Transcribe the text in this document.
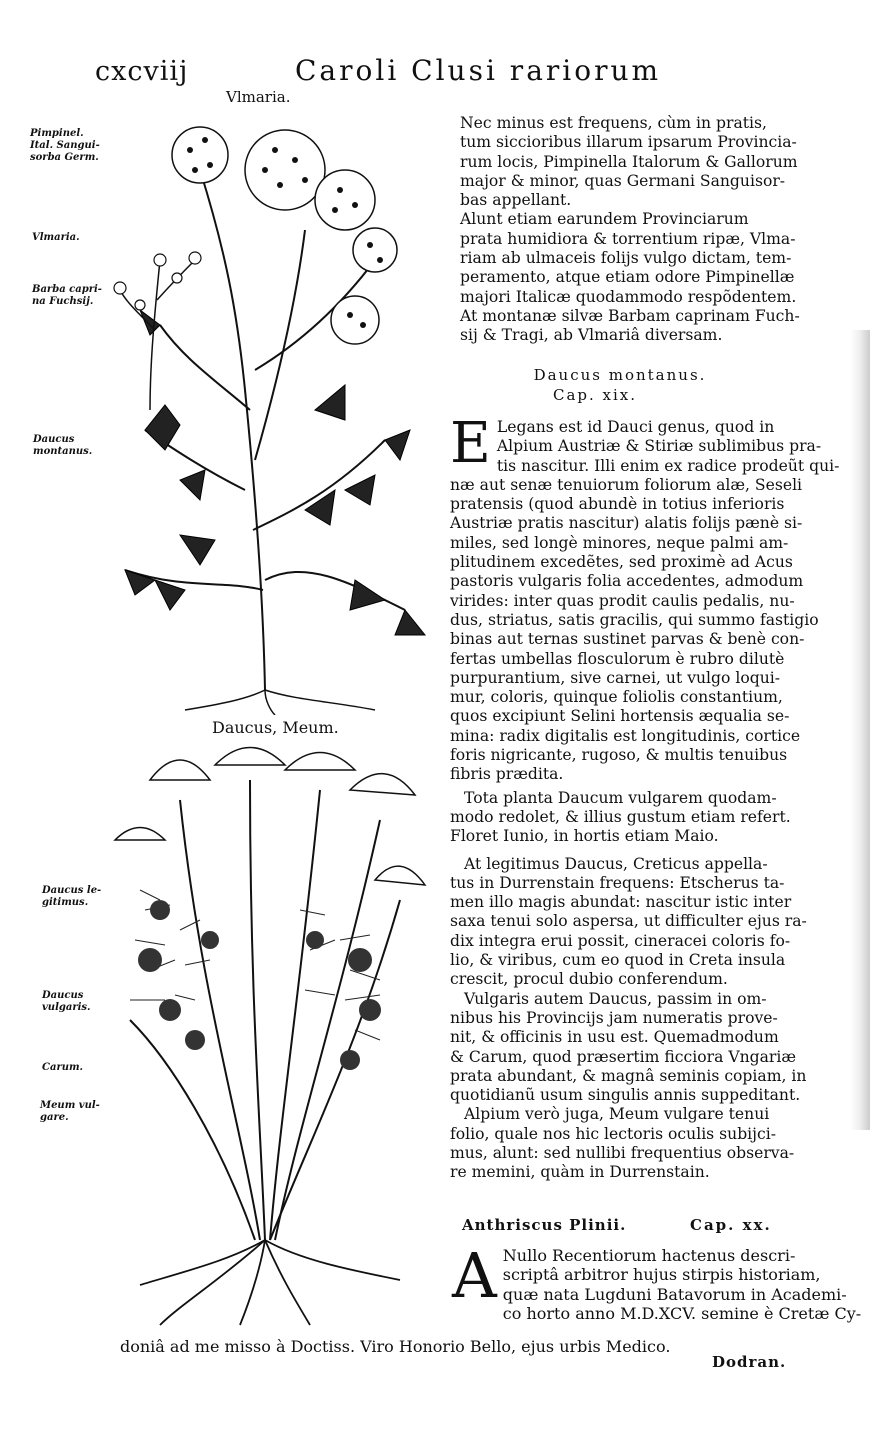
cxcviij	Caroli Clusi rariorum
Vlmaria.
Pimpinel. Ital. Sangui-sorba Germ.
Vlmaria.
Barba capri-na Fuchsij.
Daucus montanus.
Daucus le-gitimus.
Daucus vulgaris.
Carum.
Meum vul-gare.
Daucus, Meum.

Nec minus est frequens, cùm in pratis,
tum siccioribus illarum ipsarum Provincia-
rum locis, Pimpinella Italorum & Gallorum
major & minor, quas Germani Sanguisor-
bas appellant.

Alunt etiam earundem Provinciarum
prata humidiora & torrentium ripæ, Vlma-
riam ab ulmaceis folijs vulgo dictam, tem-
peramento, atque etiam odore Pimpinellæ
majori Italicæ quodammodo respõdentem.
At montanæ silvæ Barbam caprinam Fuch-
sij & Tragi, ab Vlmariâ diversam.

Daucus montanus.
Cap. xix.
E Legans est id Dauci genus, quod in
Alpium Austriæ & Stiriæ sublimibus pra-
tis nascitur. Illi enim ex radice prodeũt qui-
næ aut senæ tenuiorum foliorum alæ, Seseli
pratensis (quod abundè in totius inferioris
Austriæ pratis nascitur) alatis folijs pænè si-
miles, sed longè minores, neque palmi am-
plitudinem excedẽtes, sed proximè ad Acus
pastoris vulgaris folia accedentes, admodum
virides: inter quas prodit caulis pedalis, nu-
dus, striatus, satis gracilis, qui summo fastigio
binas aut ternas sustinet parvas & benè con-
fertas umbellas flosculorum è rubro dilutè
purpurantium, sive carnei, ut vulgo loqui-
mur, coloris, quinque foliolis constantium,
quos excipiunt Selini hortensis æqualia se-
mina: radix digitalis est longitudinis, cortice
foris nigricante, rugoso, & multis tenuibus
fibris prædita.
Tota planta Daucum vulgarem quodam-
modo redolet, & illius gustum etiam refert.
Floret Iunio, in hortis etiam Maio.
At legitimus Daucus, Creticus appella-
tus in Durrenstain frequens: Etscherus ta-
men illo magis abundat: nascitur istic inter
saxa tenui solo aspersa, ut difficulter ejus ra-
dix integra erui possit, cineracei coloris fo-
lio, & viribus, cum eo quod in Creta insula
crescit, procul dubio conferendum.
Vulgaris autem Daucus, passim in om-
nibus his Provincijs jam numeratis prove-
nit, & officinis in usu est. Quemadmodum
& Carum, quod præsertim ficciora Vngariæ
prata abundant, & magnâ seminis copiam, in
quotidianũ usum singulis annis suppeditant.
Alpium verò juga, Meum vulgare tenui
folio, quale nos hic lectoris oculis subijci-
mus, alunt: sed nullibi frequentius observa-
re memini, quàm in Durrenstain.
Anthriscus Plinii.	Cap. xx.
A Nullo Recentiorum hactenus descri-
scriptâ arbitror hujus stirpis historiam,
quæ nata Lugduni Batavorum in Academi-
co horto anno M.D.XCV. semine è Cretæ Cy-
doniâ ad me misso à Doctiss. Viro Honorio Bello, ejus urbis Medico.
Dodran.
